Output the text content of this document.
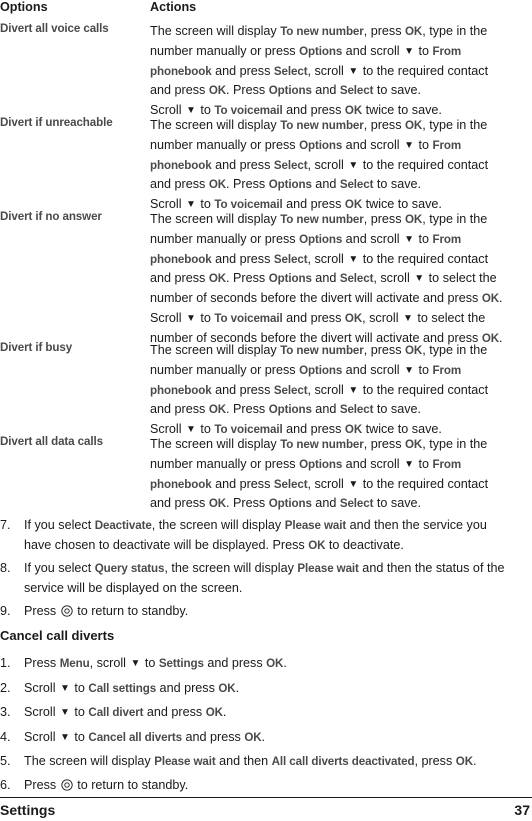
Options	Actions
Divert all voice calls	The screen will display To new number, press OK, type in the
number manually or press Options and scroll ▼ to From
phonebook and press Select, scroll ▼ to the required contact
and press OK. Press Options and Select to save.
Scroll ▼ to To voicemail and press OK twice to save.
Divert if unreachable	The screen will display To new number, press OK, type in the
number manually or press Options and scroll ▼ to From
phonebook and press Select, scroll ▼ to the required contact
and press OK. Press Options and Select to save.
Scroll ▼ to To voicemail and press OK twice to save.
Divert if no answer	The screen will display To new number, press OK, type in the
number manually or press Options and scroll ▼ to From
phonebook and press Select, scroll ▼ to the required contact
and press OK. Press Options and Select, scroll ▼ to select the
number of seconds before the divert will activate and press OK.
Scroll ▼ to To voicemail and press OK, scroll ▼ to select the
number of seconds before the divert will activate and press OK.
Divert if busy	The screen will display To new number, press OK, type in the
number manually or press Options and scroll ▼ to From
phonebook and press Select, scroll ▼ to the required contact
and press OK. Press Options and Select to save.
Scroll ▼ to To voicemail and press OK twice to save.
Divert all data calls	The screen will display To new number, press OK, type in the
number manually or press Options and scroll ▼ to From
phonebook and press Select, scroll ▼ to the required contact
and press OK. Press Options and Select to save.
7. If you select Deactivate, the screen will display Please wait and then the service you
have chosen to deactivate will be displayed. Press OK to deactivate.
8. If you select Query status, the screen will display Please wait and then the status of the
service will be displayed on the screen.
9. Press  to return to standby.
Cancel call diverts
1. Press Menu, scroll ▼ to Settings and press OK.
2. Scroll ▼ to Call settings and press OK.
3. Scroll ▼ to Call divert and press OK.
4. Scroll ▼ to Cancel all diverts and press OK.
5. The screen will display Please wait and then All call diverts deactivated, press OK.
6. Press  to return to standby.
Settings	37
